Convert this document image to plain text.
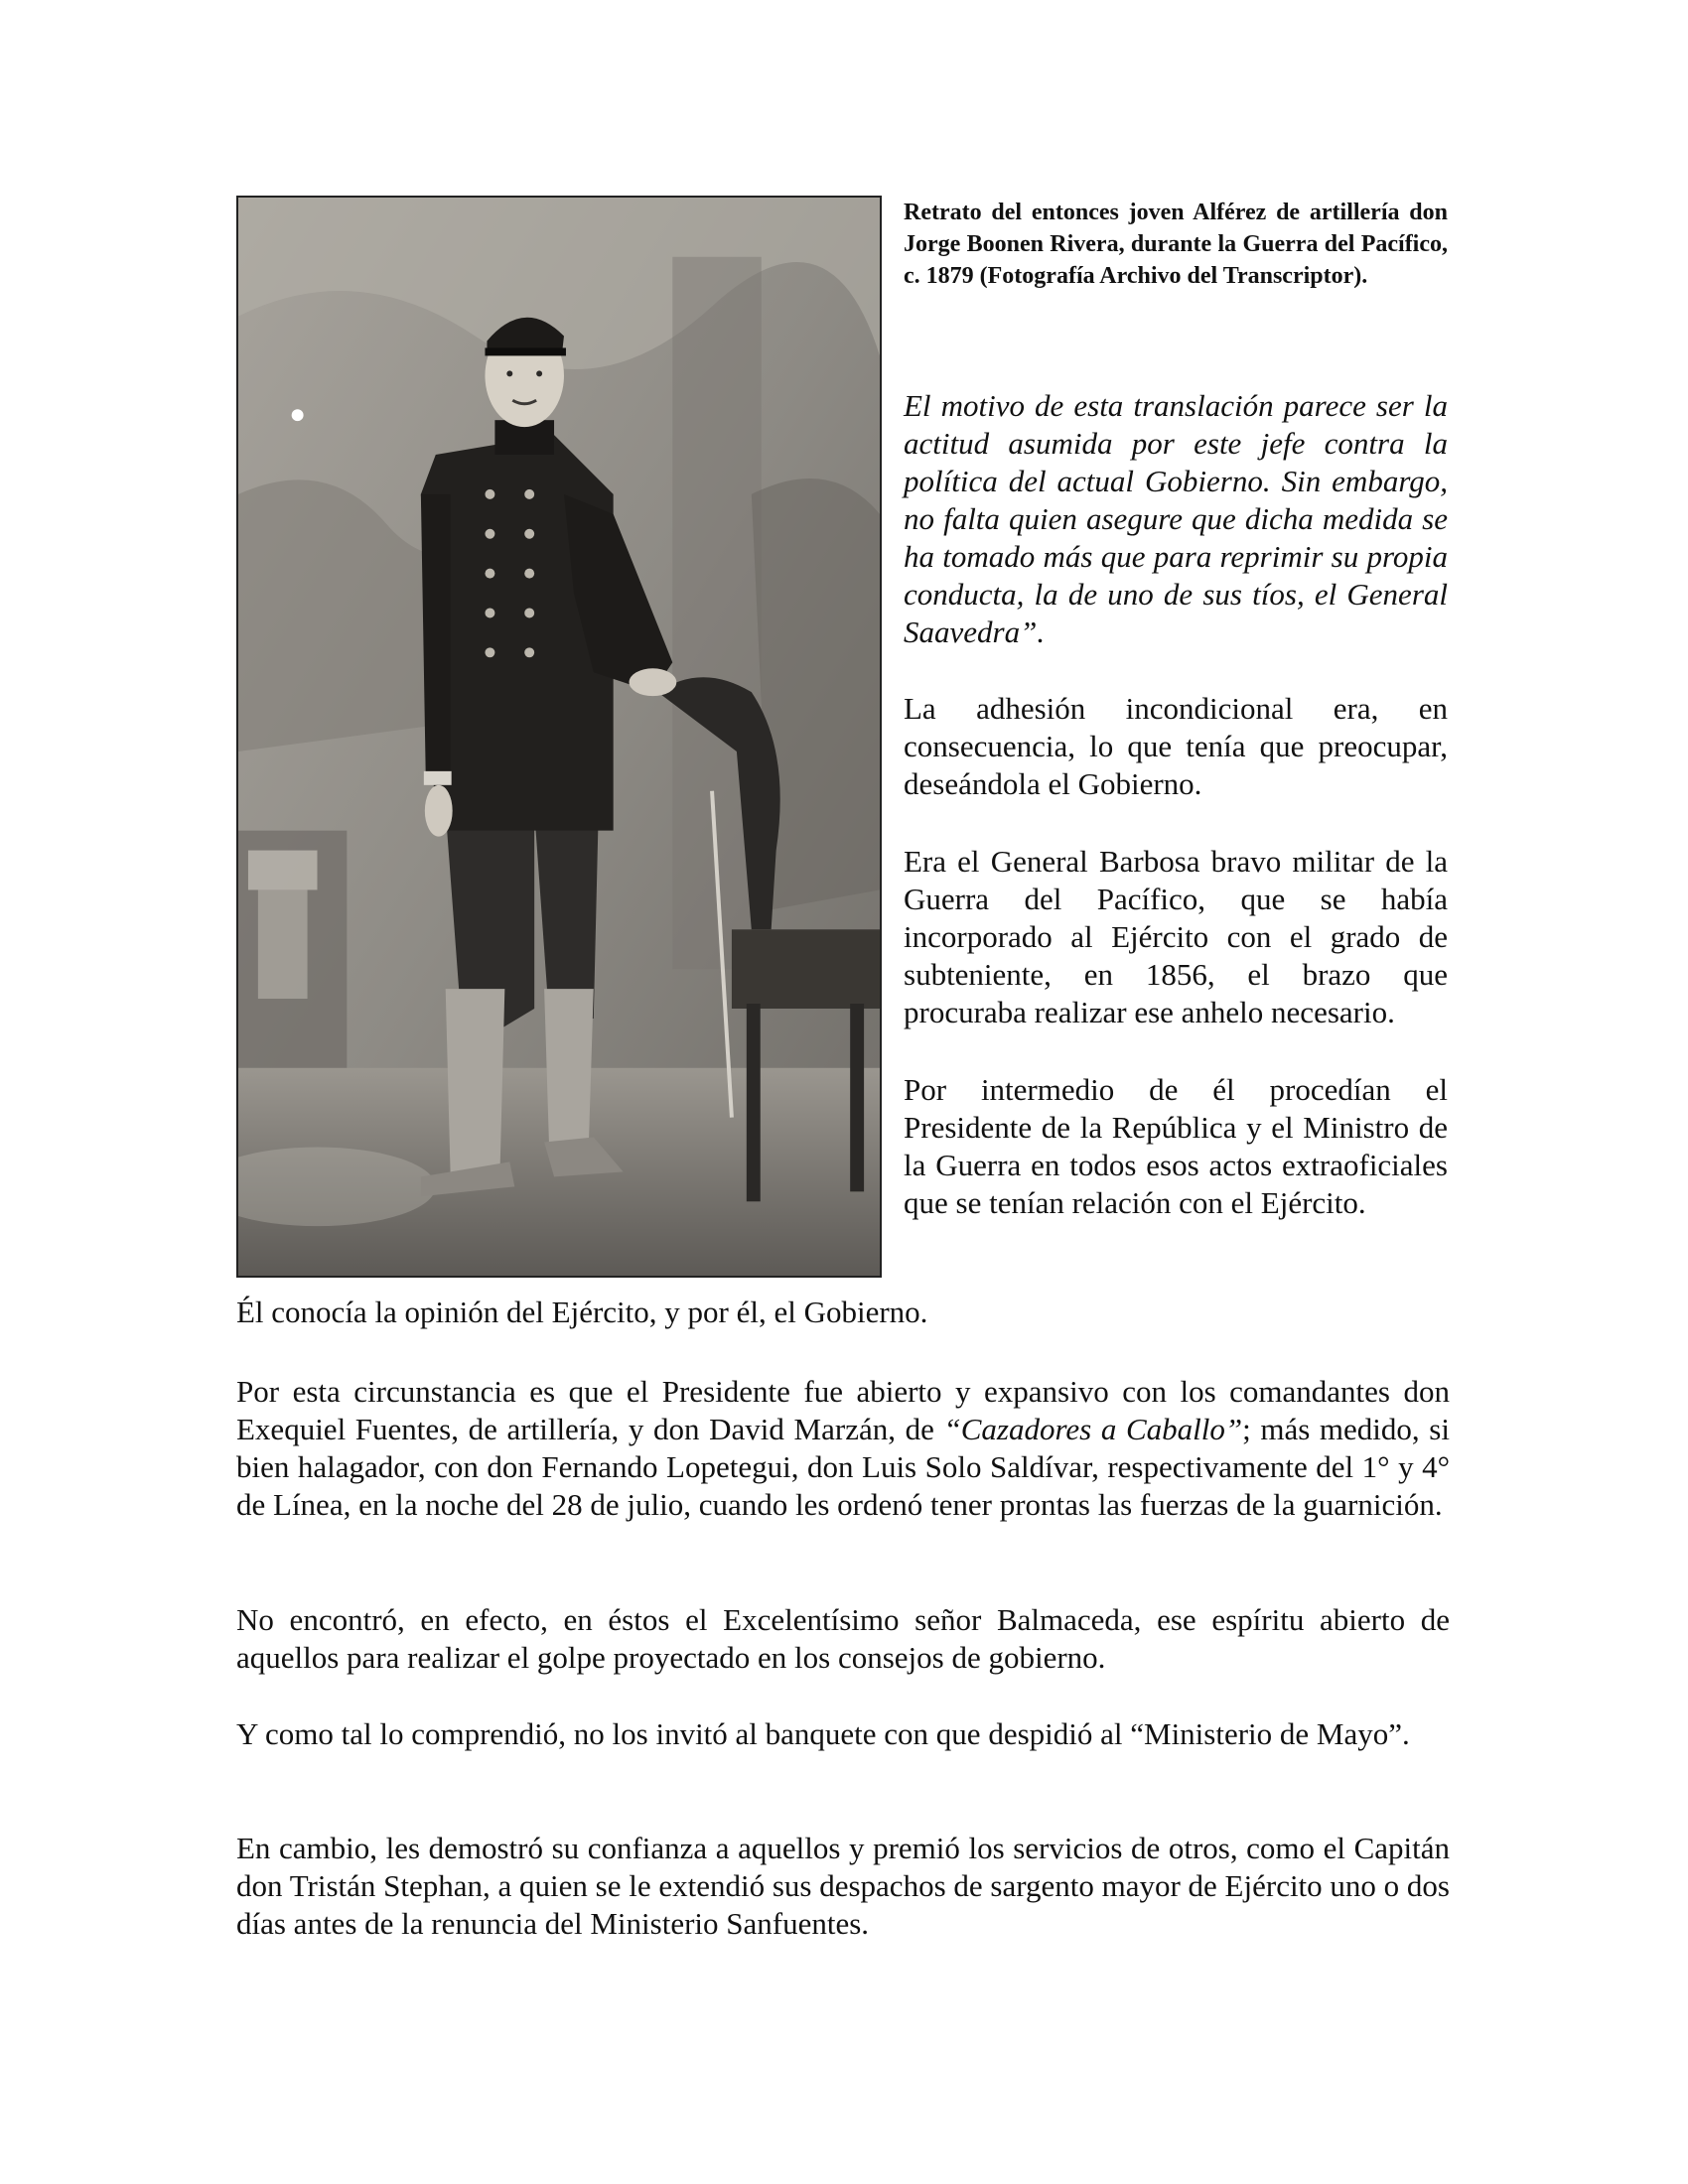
Retrato del entonces joven Alférez de artillería don Jorge Boonen Rivera, durante la Guerra del Pacífico, c. 1879 (Fotografía Archivo del Transcriptor).

El motivo de esta translación parece ser la actitud asumida por este jefe contra la política del actual Gobierno. Sin embargo, no falta quien asegure que dicha medida se ha tomado más que para reprimir su propia conducta, la de uno de sus tíos, el General Saavedra”.

La adhesión incondicional era, en consecuencia, lo que tenía que preocupar, deseándola el Gobierno.

Era el General Barbosa bravo militar de la Guerra del Pacífico, que se había incorporado al Ejército con el grado de subteniente, en 1856, el brazo que procuraba realizar ese anhelo necesario.

Por intermedio de él procedían el Presidente de la República y el Ministro de la Guerra en todos esos actos extraoficiales que se tenían relación con el Ejército.

Él conocía la opinión del Ejército, y por él, el Gobierno.

Por esta circunstancia es que el Presidente fue abierto y expansivo con los comandantes don Exequiel Fuentes, de artillería, y don David Marzán, de “Cazadores a Caballo”; más medido, si bien halagador, con don Fernando Lopetegui, don Luis Solo Saldívar, respectivamente del 1° y 4° de Línea, en la noche del 28 de julio, cuando les ordenó tener prontas las fuerzas de la guarnición.

No encontró, en efecto, en éstos el Excelentísimo señor Balmaceda, ese espíritu abierto de aquellos para realizar el golpe proyectado en los consejos de gobierno.

Y como tal lo comprendió, no los invitó al banquete con que despidió al “Ministerio de Mayo”.

En cambio, les demostró su confianza a aquellos y premió los servicios de otros, como el Capitán don Tristán Stephan, a quien se le extendió sus despachos de sargento mayor de Ejército uno o dos días antes de la renuncia del Ministerio Sanfuentes.
